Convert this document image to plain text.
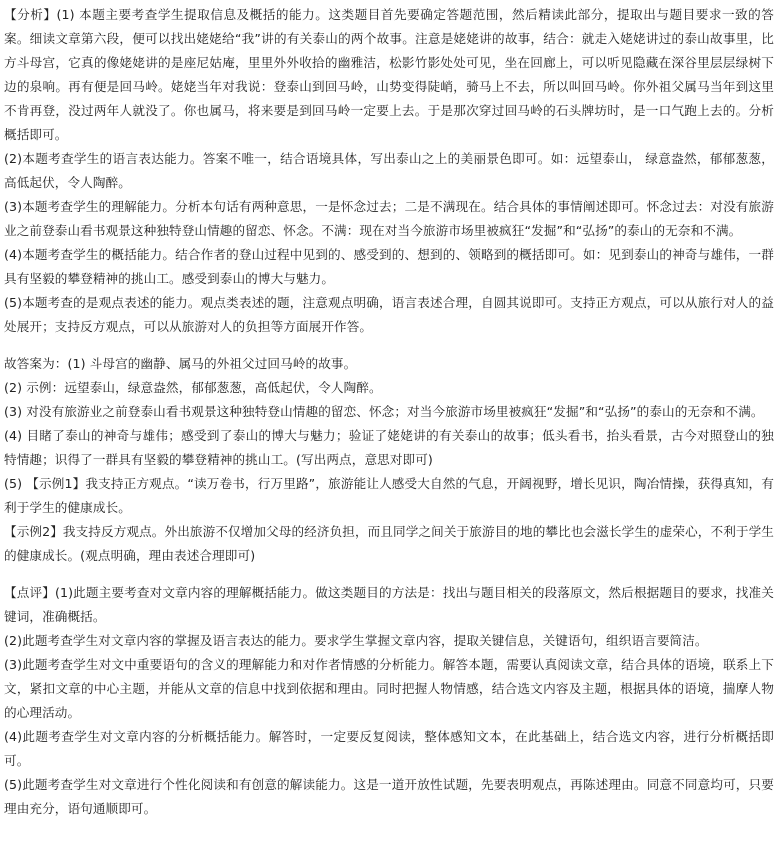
【分析】(1) 本题主要考查学生提取信息及概括的能力。这类题目首先要确定答题范围，然后精读此部分，提取出与题目要求一致的答案。细读文章第六段，便可以找出姥姥给“我”讲的有关泰山的两个故事。注意是姥姥讲的故事，结合：就走入姥姥讲过的泰山故事里，比方斗母宫，它真的像姥姥讲的是座尼姑庵，里里外外收拾的幽雅洁，松影竹影处处可见，坐在回廊上，可以听见隐藏在深谷里层层绿树下边的泉响。再有便是回马岭。姥姥当年对我说：登泰山到回马岭，山势变得陡峭，骑马上不去，所以叫回马岭。你外祖父属马当年到这里不肯再登，没过两年人就没了。你也属马，将来要是到回马岭一定要上去。于是那次穿过回马岭的石头牌坊时，是一口气跑上去的。分析概括即可。

(2)本题考查学生的语言表达能力。答案不唯一，结合语境具体，写出泰山之上的美丽景色即可。如：远望泰山， 绿意盎然，郁郁葱葱，高低起伏，令人陶醉。

(3)本题考查学生的理解能力。分析本句话有两种意思，一是怀念过去；二是不满现在。结合具体的事情阐述即可。怀念过去：对没有旅游业之前登泰山看书观景这种独特登山情趣的留恋、怀念。不满：现在对当今旅游市场里被疯狂“发掘”和“弘扬”的泰山的无奈和不满。

(4)本题考查学生的概括能力。结合作者的登山过程中见到的、感受到的、想到的、领略到的概括即可。如：见到泰山的神奇与雄伟，一群具有坚毅的攀登精神的挑山工。感受到泰山的博大与魅力。

(5)本题考查的是观点表述的能力。观点类表述的题，注意观点明确，语言表述合理，自圆其说即可。支持正方观点，可以从旅行对人的益处展开；支持反方观点，可以从旅游对人的负担等方面展开作答。

故答案为：(1) 斗母宫的幽静、属马的外祖父过回马岭的故事。

(2) 示例：远望泰山，绿意盎然，郁郁葱葱，高低起伏，令人陶醉。

(3) 对没有旅游业之前登泰山看书观景这种独特登山情趣的留恋、怀念；对当今旅游市场里被疯狂“发掘”和“弘扬”的泰山的无奈和不满。

(4) 目睹了泰山的神奇与雄伟；感受到了泰山的博大与魅力；验证了姥姥讲的有关泰山的故事；低头看书，抬头看景，古今对照登山的独特情趣；识得了一群具有坚毅的攀登精神的挑山工。(写出两点，意思对即可)

(5) 【示例1】我支持正方观点。“读万卷书，行万里路”，旅游能让人感受大自然的气息，开阔视野，增长见识，陶冶情操，获得真知，有利于学生的健康成长。

【示例2】我支持反方观点。外出旅游不仅增加父母的经济负担，而且同学之间关于旅游目的地的攀比也会滋长学生的虚荣心，不利于学生的健康成长。(观点明确，理由表述合理即可)

【点评】(1)此题主要考查对文章内容的理解概括能力。做这类题目的方法是：找出与题目相关的段落原文，然后根据题目的要求，找准关键词，准确概括。

(2)此题考查学生对文章内容的掌握及语言表达的能力。要求学生掌握文章内容，提取关键信息，关键语句，组织语言要简洁。

(3)此题考查学生对文中重要语句的含义的理解能力和对作者情感的分析能力。解答本题，需要认真阅读文章，结合具体的语境，联系上下文，紧扣文章的中心主题，并能从文章的信息中找到依据和理由。同时把握人物情感，结合选文内容及主题，根据具体的语境，揣摩人物的心理活动。

(4)此题考查学生对文章内容的分析概括能力。解答时，一定要反复阅读，整体感知文本，在此基础上，结合选文内容，进行分析概括即可。

(5)此题考查学生对文章进行个性化阅读和有创意的解读能力。这是一道开放性试题，先要表明观点，再陈述理由。同意不同意均可，只要理由充分，语句通顺即可。
